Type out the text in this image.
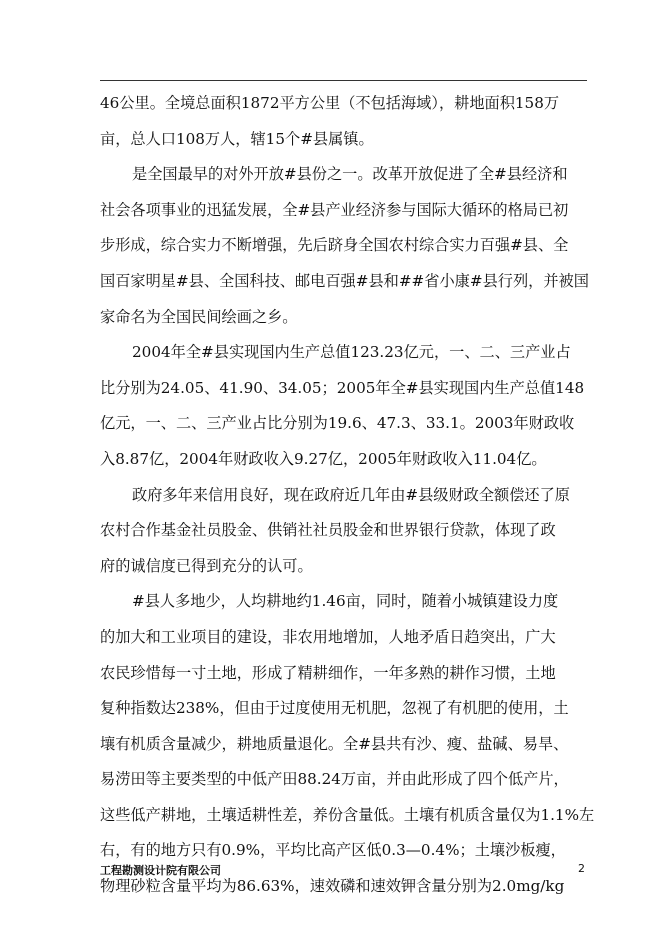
46公里。全境总面积1872平方公里（不包括海域），耕地面积158万
亩，总人口108万人，辖15个#县属镇。
是全国最早的对外开放#县份之一。改革开放促进了全#县经济和
社会各项事业的迅猛发展，全#县产业经济参与国际大循环的格局已初
步形成，综合实力不断增强，先后跻身全国农村综合实力百强#县、全
国百家明星#县、全国科技、邮电百强#县和##省小康#县行列，并被国
家命名为全国民间绘画之乡。
2004年全#县实现国内生产总值123.23亿元，一、二、三产业占
比分别为24.05、41.90、34.05；2005年全#县实现国内生产总值148
亿元，一、二、三产业占比分别为19.6、47.3、33.1。2003年财政收
入8.87亿，2004年财政收入9.27亿，2005年财政收入11.04亿。
政府多年来信用良好，现在政府近几年由#县级财政全额偿还了原
农村合作基金社员股金、供销社社员股金和世界银行贷款，体现了政
府的诚信度已得到充分的认可。
#县人多地少，人均耕地约1.46亩，同时，随着小城镇建设力度
的加大和工业项目的建设，非农用地增加，人地矛盾日趋突出，广大
农民珍惜每一寸土地，形成了精耕细作，一年多熟的耕作习惯，土地
复种指数达238%，但由于过度使用无机肥，忽视了有机肥的使用，土
壤有机质含量减少，耕地质量退化。全#县共有沙、瘦、盐碱、易旱、
易涝田等主要类型的中低产田88.24万亩，并由此形成了四个低产片，
这些低产耕地，土壤适耕性差，养份含量低。土壤有机质含量仅为1.1%左
右，有的地方只有0.9%，平均比高产区低0.3—0.4%；土壤沙板瘦，
物理砂粒含量平均为86.63%，速效磷和速效钾含量分别为2.0mg/kg
工程勘测设计院有限公司	2
